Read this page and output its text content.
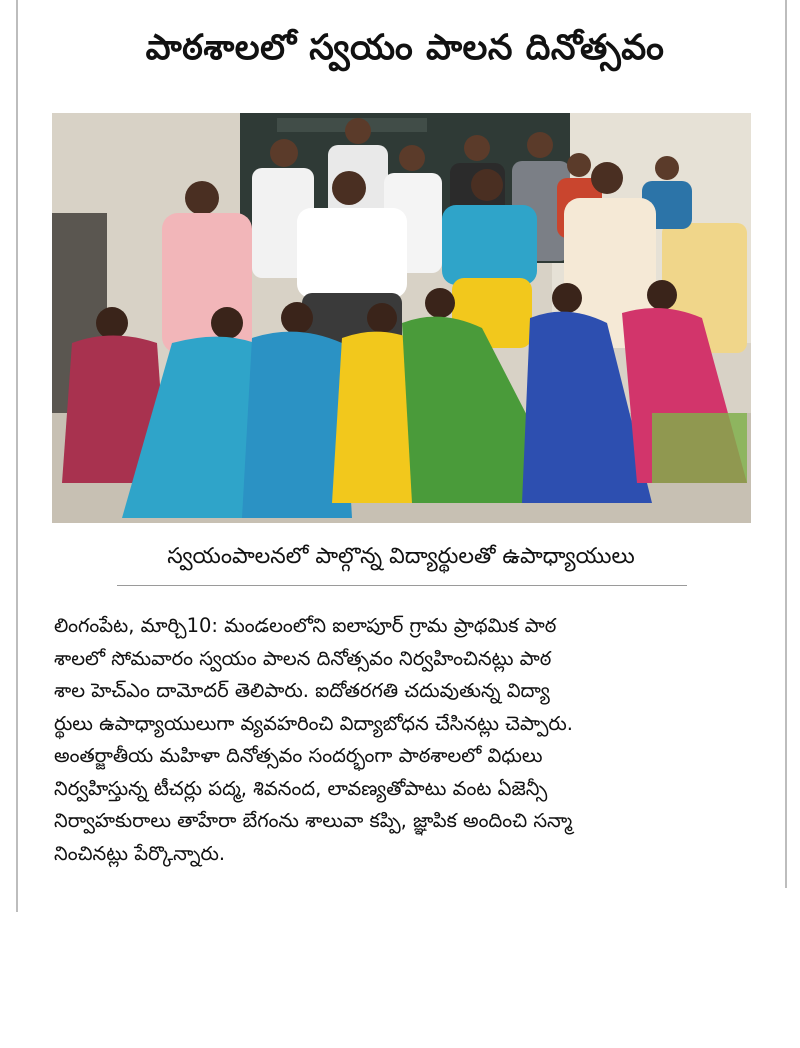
పాఠశాలలో స్వయం పాలన దినోత్సవం
స్వయంపాలనలో పాల్గొన్న విద్యార్థులతో ఉపాధ్యాయులు
లింగంపేట, మార్చి10: మండలంలోని ఐలాపూర్ గ్రామ ప్రాథమిక పాఠ
శాలలో సోమవారం స్వయం పాలన దినోత్సవం నిర్వహించినట్లు పాఠ
శాల హెచ్ఎం దామోదర్ తెలిపారు. ఐదోతరగతి చదువుతున్న విద్యా
ర్థులు ఉపాధ్యాయులుగా వ్యవహరించి విద్యాబోధన చేసినట్లు చెప్పారు.
అంతర్జాతీయ మహిళా దినోత్సవం సందర్భంగా పాఠశాలలో విధులు
నిర్వహిస్తున్న టీచర్లు పద్మ, శివనంద, లావణ్యతోపాటు వంట ఏజెన్సీ
నిర్వాహకురాలు తాహేరా బేగంను శాలువా కప్పి, జ్ఞాపిక అందించి సన్మా
నించినట్లు పేర్కొన్నారు.
